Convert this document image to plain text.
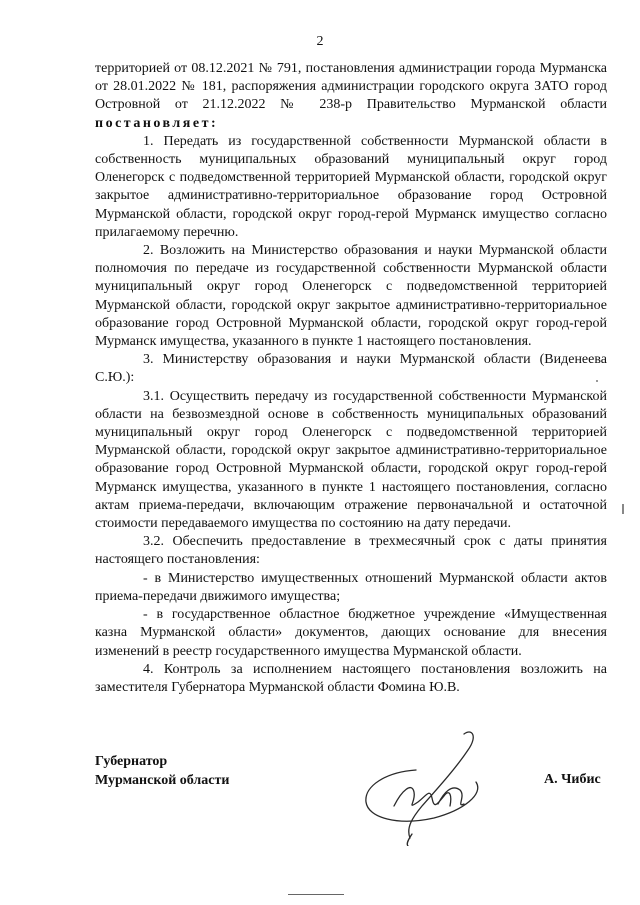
2

территорией от 08.12.2021 № 791, постановления администрации города Мурманска от 28.01.2022 № 181, распоряжения администрации городского округа ЗАТО город Островной от 21.12.2022 № 238-р Правительство Мурманской области постановляет:

1. Передать из государственной собственности Мурманской области в собственность муниципальных образований муниципальный округ город Оленегорск с подведомственной территорией Мурманской области, городской округ закрытое административно-территориальное образование город Островной Мурманской области, городской округ город-герой Мурманск имущество согласно прилагаемому перечню.

2. Возложить на Министерство образования и науки Мурманской области полномочия по передаче из государственной собственности Мурманской области муниципальный округ город Оленегорск с подведомственной территорией Мурманской области, городской округ закрытое административно-территориальное образование город Островной Мурманской области, городской округ город-герой Мурманск имущества, указанного в пункте 1 настоящего постановления.

3. Министерству образования и науки Мурманской области (Виденеева С.Ю.):

3.1. Осуществить передачу из государственной собственности Мурманской области на безвозмездной основе в собственность муниципальных образований муниципальный округ город Оленегорск с подведомственной территорией Мурманской области, городской округ закрытое административно-территориальное образование город Островной Мурманской области, городской округ город-герой Мурманск имущества, указанного в пункте 1 настоящего постановления, согласно актам приема-передачи, включающим отражение первоначальной и остаточной стоимости передаваемого имущества по состоянию на дату передачи.

3.2. Обеспечить предоставление в трехмесячный срок с даты принятия настоящего постановления:

- в Министерство имущественных отношений Мурманской области актов приема-передачи движимого имущества;

- в государственное областное бюджетное учреждение «Имущественная казна Мурманской области» документов, дающих основание для внесения изменений в реестр государственного имущества Мурманской области.

4. Контроль за исполнением настоящего постановления возложить на заместителя Губернатора Мурманской области Фомина Ю.В.

Губернатор
Мурманской области	А. Чибис
